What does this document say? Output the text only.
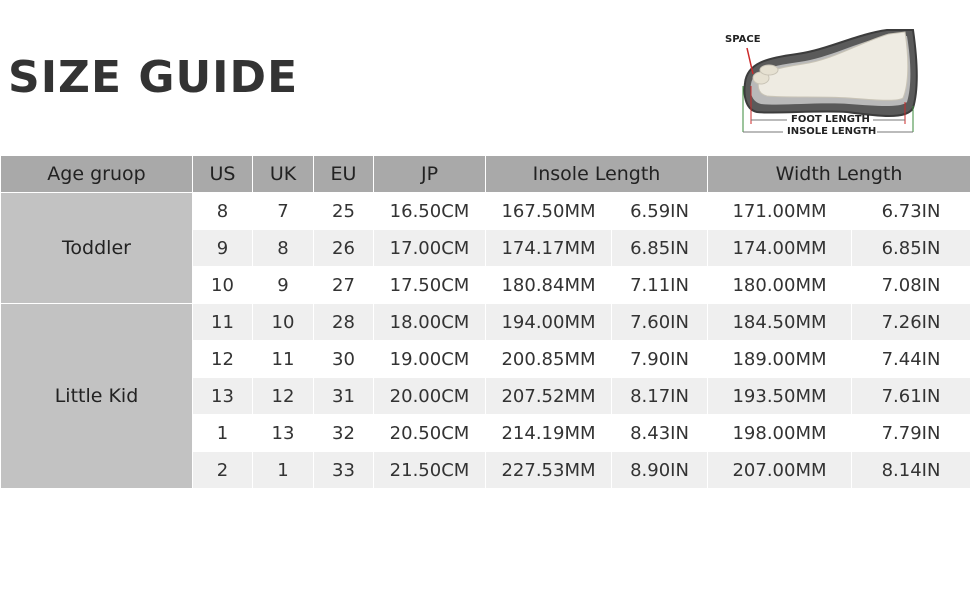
SIZE GUIDE
SPACE
FOOT LENGTH
INSOLE LENGTH
Age gruop	US	UK	EU	JP	Insole Length		Width Length	
Toddler	8	7	25	16.50CM	167.50MM	6.59IN	171.00MM	6.73IN
	9	8	26	17.00CM	174.17MM	6.85IN	174.00MM	6.85IN
	10	9	27	17.50CM	180.84MM	7.11IN	180.00MM	7.08IN
Little Kid	11	10	28	18.00CM	194.00MM	7.60IN	184.50MM	7.26IN
	12	11	30	19.00CM	200.85MM	7.90IN	189.00MM	7.44IN
	13	12	31	20.00CM	207.52MM	8.17IN	193.50MM	7.61IN
	1	13	32	20.50CM	214.19MM	8.43IN	198.00MM	7.79IN
	2	1	33	21.50CM	227.53MM	8.90IN	207.00MM	8.14IN
